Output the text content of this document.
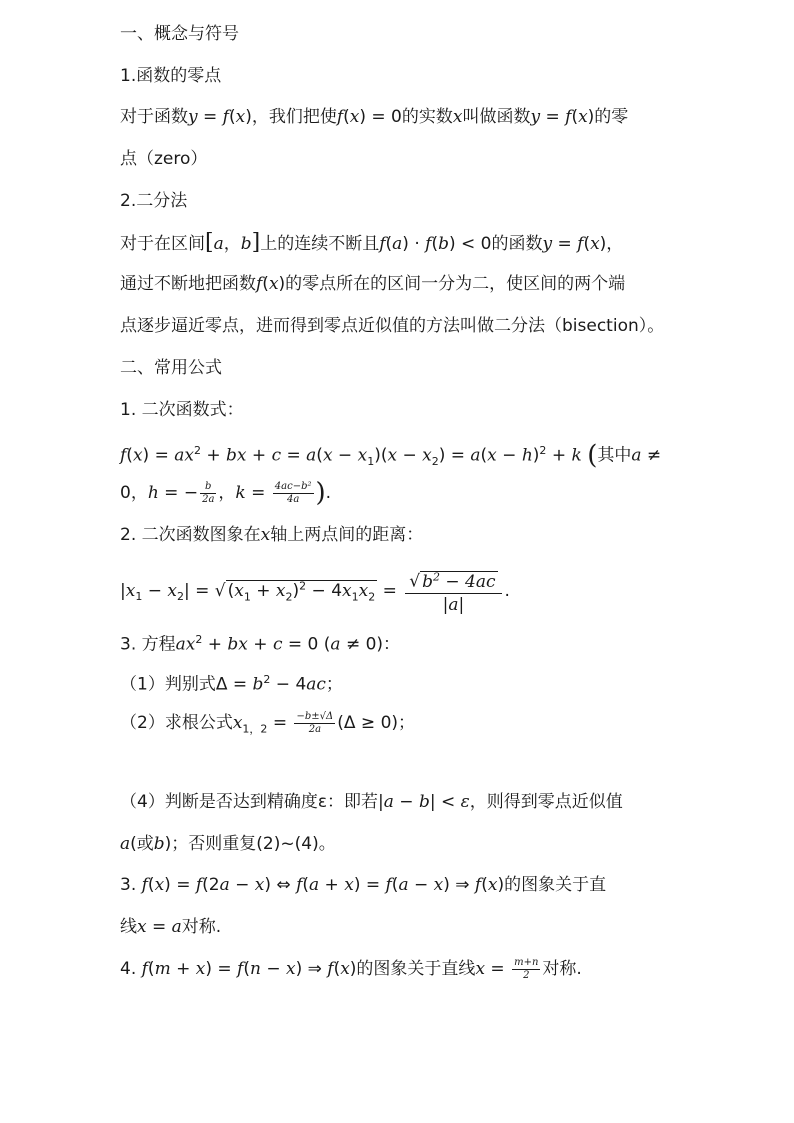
一、概念与符号
1.函数的零点
对于函数y = f(x)，我们把使f(x) = 0的实数x叫做函数y = f(x)的零
点（zero）
2.二分法
对于在区间[a，b]上的连续不断且f(a) · f(b) < 0的函数y = f(x)，
通过不断地把函数f(x)的零点所在的区间一分为二，使区间的两个端
点逐步逼近零点，进而得到零点近似值的方法叫做二分法（bisection）。
二、常用公式
1. 二次函数式：
$f(x) = ax^2$ + bx + $c = a(x - x_1)(x - x_2) = a(x - h)^2 + k$ (其中a ≠
0，h = − $\frac{b}{2a}$ ，$k = \frac{\text{4ac−b²}}{4a}$ ).
2. 二次函数图象在x轴上两点间的距离：
$|x_1 - x_2|$ = √ $(x_1 + x_2)^2 - 4x_1x_2 = \frac{√ b^2 - 4ac}{|a|}$ .
3. 方程$ax^2$ + bx + c = 0 (a ≠ 0)：
（1）判别式$\Delta = b^2 - 4ac$；
（2）求根公式$x_{1,2} = \frac{-b\pm√\Delta}{2a} (\Delta \ge 0)$；
（4）判断是否达到精确度ε：即若|a − b| < ε，则得到零点近似值
a(或b)；否则重复(2)~(4)。
3. f(x) = f(2a − x) ⇔ f(a + x) = f(a − x) ⇒ f(x)的图象关于直
线x = a对称.
4. f(m + x) = f(n − x) ⇒ f(x)的图象关于直线$x = \frac{m+n}{2}$ 对称.
